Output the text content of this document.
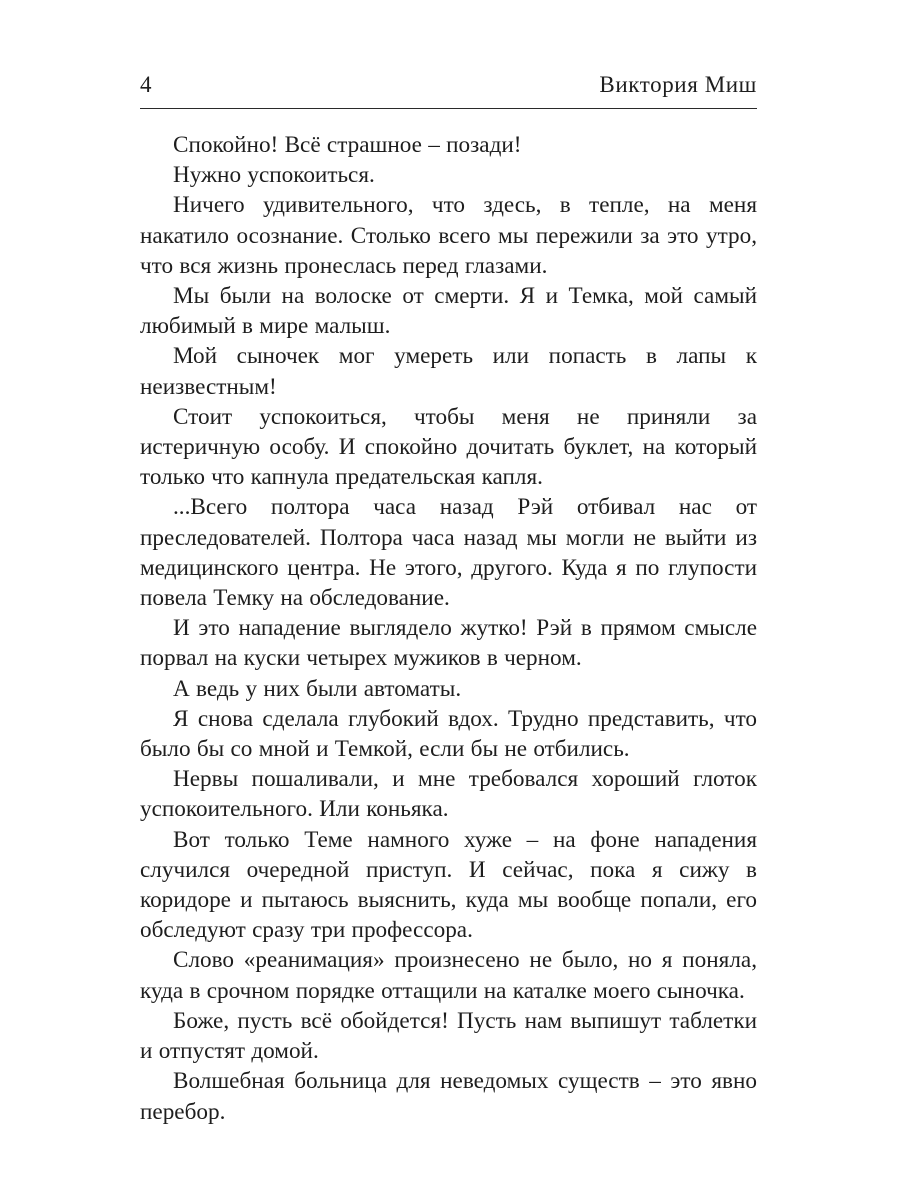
4	Виктория Миш

Спокойно! Всё страшное – позади!

Нужно успокоиться.

Ничего удивительного, что здесь, в тепле, на меня накатило осознание. Столько всего мы пережили за это утро, что вся жизнь пронеслась перед глазами.

Мы были на волоске от смерти. Я и Темка, мой самый любимый в мире малыш.

Мой сыночек мог умереть или попасть в лапы к неизвестным!

Стоит успокоиться, чтобы меня не приняли за истеричную особу. И спокойно дочитать буклет, на который только что капнула предательская капля.

...Всего полтора часа назад Рэй отбивал нас от преследователей. Полтора часа назад мы могли не выйти из медицинского центра. Не этого, другого. Куда я по глупости повела Темку на обследование.

И это нападение выглядело жутко! Рэй в прямом смысле порвал на куски четырех мужиков в черном.

А ведь у них были автоматы.

Я снова сделала глубокий вдох. Трудно представить, что было бы со мной и Темкой, если бы не отбились.

Нервы пошаливали, и мне требовался хороший глоток успокоительного. Или коньяка.

Вот только Теме намного хуже – на фоне нападения случился очередной приступ. И сейчас, пока я сижу в коридоре и пытаюсь выяснить, куда мы вообще попали, его обследуют сразу три профессора.

Слово «реанимация» произнесено не было, но я поняла, куда в срочном порядке оттащили на каталке моего сыночка.

Боже, пусть всё обойдется! Пусть нам выпишут таблетки и отпустят домой.

Волшебная больница для неведомых существ – это явно перебор.
